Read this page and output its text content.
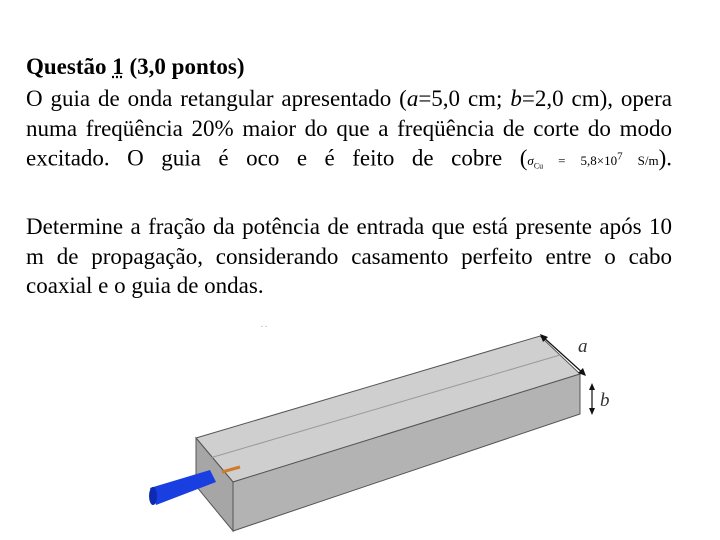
Questão 1 (3,0 pontos)
O guia de onda retangular apresentado (a=5,0 cm; b=2,0 cm), opera numa freqüência 20% maior do que a freqüência de corte do modo excitado. O guia é oco e é feito de cobre ($\sigma_{Cu} = 5,8\times 10^7$ S/m).
Determine a fração da potência de entrada que está presente após 10 m de propagação, considerando casamento perfeito entre o cabo coaxial e o guia de ondas.
a
b
. .
